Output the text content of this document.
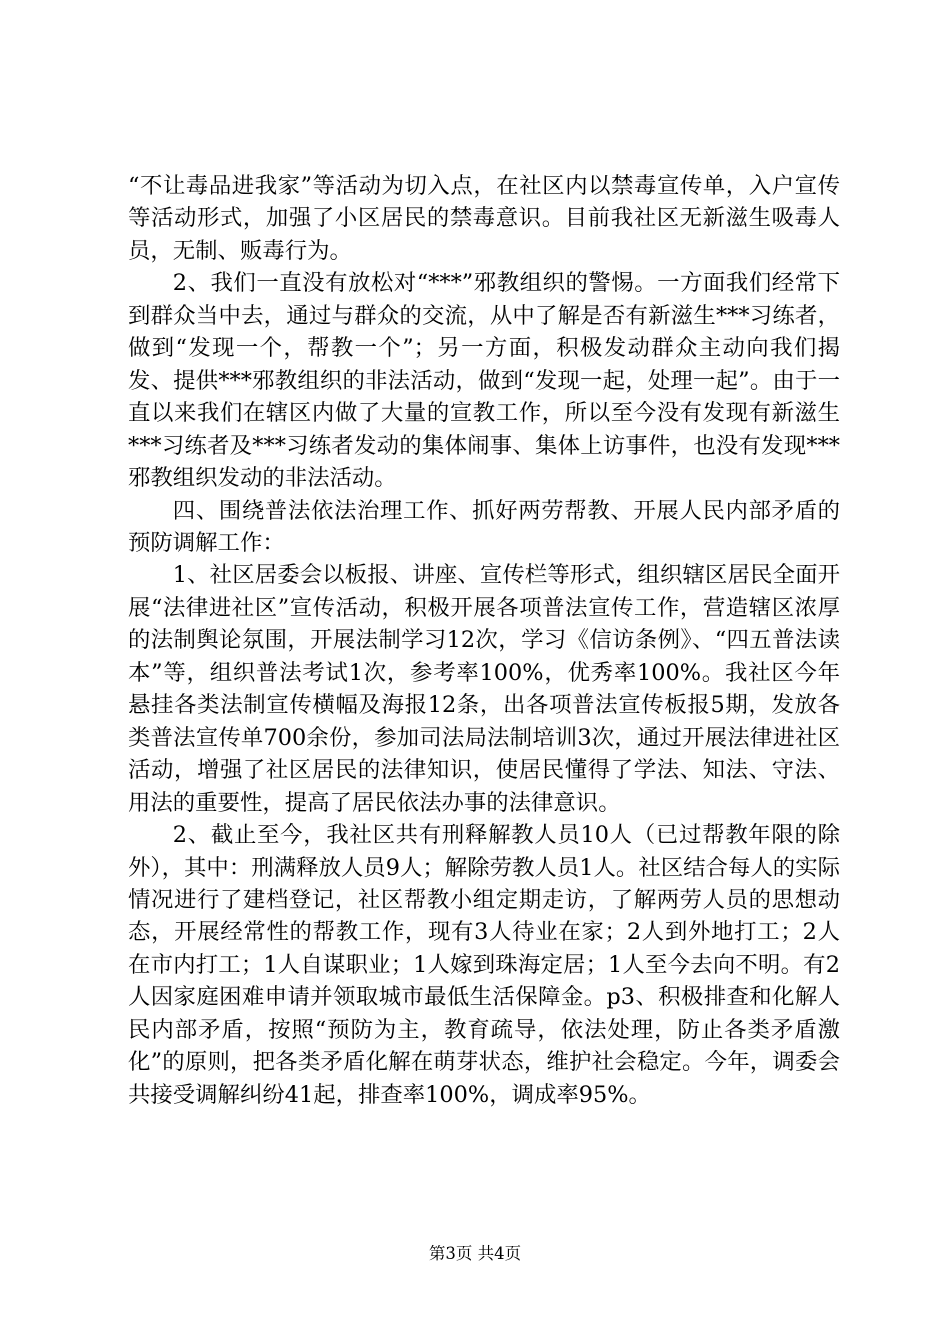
“不让毒品进我家”等活动为切入点，在社区内以禁毒宣传单，入户宣传等活动形式，加强了小区居民的禁毒意识。目前我社区无新滋生吸毒人员，无制、贩毒行为。

2、我们一直没有放松对“***”邪教组织的警惕。一方面我们经常下到群众当中去，通过与群众的交流，从中了解是否有新滋生***习练者，做到“发现一个，帮教一个”；另一方面，积极发动群众主动向我们揭发、提供***邪教组织的非法活动，做到“发现一起，处理一起”。由于一直以来我们在辖区内做了大量的宣教工作，所以至今没有发现有新滋生***习练者及***习练者发动的集体闹事、集体上访事件，也没有发现***邪教组织发动的非法活动。

四、围绕普法依法治理工作、抓好两劳帮教、开展人民内部矛盾的预防调解工作：

1、社区居委会以板报、讲座、宣传栏等形式，组织辖区居民全面开展“法律进社区”宣传活动，积极开展各项普法宣传工作，营造辖区浓厚的法制舆论氛围，开展法制学习12次，学习《信访条例》、“四五普法读本”等，组织普法考试1次，参考率100%，优秀率100%。我社区今年悬挂各类法制宣传横幅及海报12条，出各项普法宣传板报5期，发放各类普法宣传单700余份，参加司法局法制培训3次，通过开展法律进社区活动，增强了社区居民的法律知识，使居民懂得了学法、知法、守法、用法的重要性，提高了居民依法办事的法律意识。

2、截止至今，我社区共有刑释解教人员10人（已过帮教年限的除外），其中：刑满释放人员9人；解除劳教人员1人。社区结合每人的实际情况进行了建档登记，社区帮教小组定期走访，了解两劳人员的思想动态，开展经常性的帮教工作，现有3人待业在家；2人到外地打工；2人在市内打工；1人自谋职业；1人嫁到珠海定居；1人至今去向不明。有2人因家庭困难申请并领取城市最低生活保障金。p3、积极排查和化解人民内部矛盾，按照“预防为主，教育疏导，依法处理，防止各类矛盾激化”的原则，把各类矛盾化解在萌芽状态，维护社会稳定。今年，调委会共接受调解纠纷41起，排查率100%，调成率95%。

第3页 共4页
